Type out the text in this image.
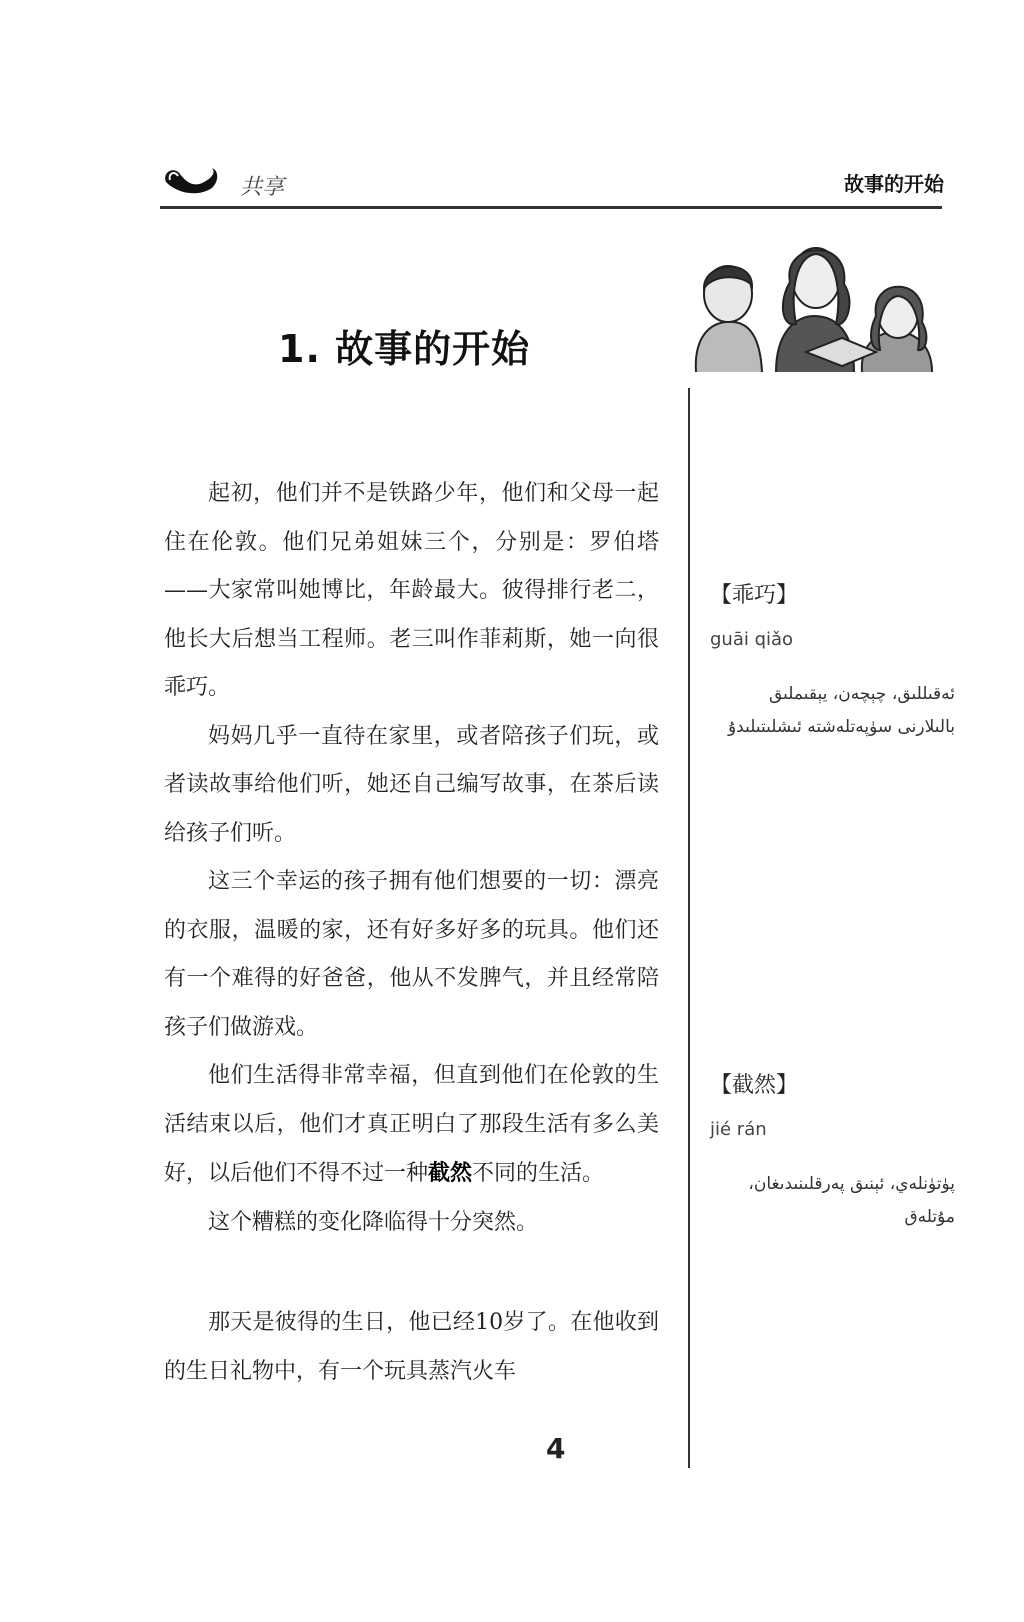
共享	故事的开始
1. 故事的开始

起初，他们并不是铁路少年，他们和父母一起住在伦敦。他们兄弟姐妹三个，分别是：罗伯塔——大家常叫她博比，年龄最大。彼得排行老二，他长大后想当工程师。老三叫作菲莉斯，她一向很乖巧。

妈妈几乎一直待在家里，或者陪孩子们玩，或者读故事给他们听，她还自己编写故事，在茶后读给孩子们听。

这三个幸运的孩子拥有他们想要的一切：漂亮的衣服，温暖的家，还有好多好多的玩具。他们还有一个难得的好爸爸，他从不发脾气，并且经常陪孩子们做游戏。

他们生活得非常幸福，但直到他们在伦敦的生活结束以后，他们才真正明白了那段生活有多么美好，以后他们不得不过一种截然不同的生活。

这个糟糕的变化降临得十分突然。

那天是彼得的生日，他已经10岁了。在他收到的生日礼物中，有一个玩具蒸汽火车

【乖巧】
guāi qiǎo
ئەقىللىق، چېچەن، يېقىملىق بالىلارنى سۈپەتلەشتە ئىشلىتىلىدۇ
【截然】
jié rán
پۈتۈنلەي، ئېنىق پەرقلىنىدىغان، مۇتلەق
4
